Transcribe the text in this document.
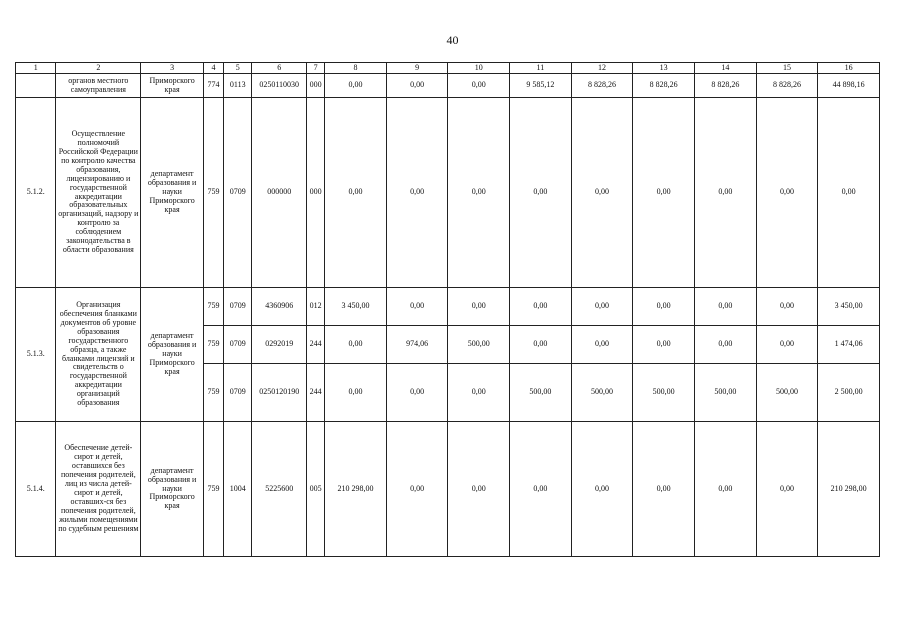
40
1	2	3	4	5	6	7	8	9	10	11	12	13	14	15	16
	органов местного самоуправления	Приморского края	774	0113	0250110030	000	0,00	0,00	0,00	9 585,12	8 828,26	8 828,26	8 828,26	8 828,26	44 898,16
5.1.2.	Осуществление полномочий Российской Федерации по контролю качества образования, лицензированию и государственной аккредитации образовательных организаций, надзору и контролю за соблюдением законодательства в области образования	департамент образования и науки Приморского края	759	0709	000000	000	0,00	0,00	0,00	0,00	0,00	0,00	0,00	0,00	0,00
5.1.3.	Организация обеспечения бланками документов об уровне образования государственного образца, а также бланками лицензий и свидетельств о государственной аккредитации организаций образования	департамент образования и науки Приморского края	759	0709	4360906	012	3 450,00	0,00	0,00	0,00	0,00	0,00	0,00	0,00	3 450,00
			759	0709	0292019	244	0,00	974,06	500,00	0,00	0,00	0,00	0,00	0,00	1 474,06
			759	0709	0250120190	244	0,00	0,00	0,00	500,00	500,00	500,00	500,00	500,00	2 500,00
5.1.4.	Обеспечение детей-сирот и детей, оставшихся без попечения родителей, лиц из числа детей-сирот и детей, оставших-ся без попечения родителей, жилыми помещениями по судебным решениям	департамент образования и науки Приморского края	759	1004	5225600	005	210 298,00	0,00	0,00	0,00	0,00	0,00	0,00	0,00	210 298,00
